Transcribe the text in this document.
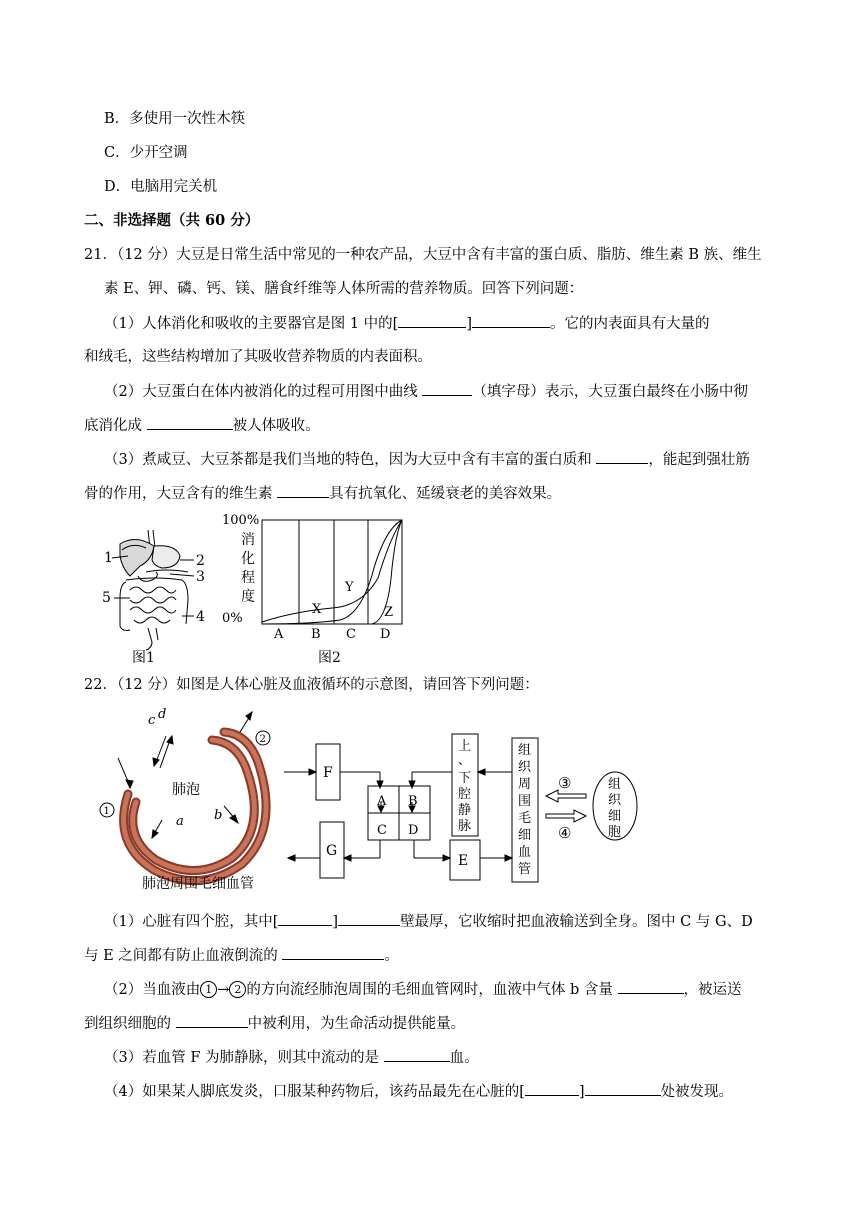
B．多使用一次性木筷
C．少开空调
D．电脑用完关机
二、非选择题（共 60 分）
21．（12 分）大豆是日常生活中常见的一种农产品，大豆中含有丰富的蛋白质、脂肪、维生素 B 族、维生
素 E、钾、磷、钙、镁、膳食纤维等人体所需的营养物质。回答下列问题：
（1）人体消化和吸收的主要器官是图 1 中的[	]	。它的内表面具有大量的
和绒毛，这些结构增加了其吸收营养物质的内表面积。
（2）大豆蛋白在体内被消化的过程可用图中曲线	（填字母）表示，大豆蛋白最终在小肠中彻
底消化成	被人体吸收。
（3）煮咸豆、大豆茶都是我们当地的特色，因为大豆中含有丰富的蛋白质和	，能起到强壮筋
骨的作用，大豆含有的维生素	具有抗氧化、延缓衰老的美容效果。
1	2
3
5
4
图1
100%
0%
消
化
程
度
A B C D
X
Y
Z
图2
22．（12 分）如图是人体心脏及血液循环的示意图，请回答下列问题：
c d
a b
肺泡
1
2
肺泡周围毛细血管
F
A B
C D
G
E
上
、
下
腔
静
脉
组
织
周
围
毛
细
血
管
组
织
细
胞
③
④
（1）心脏有四个腔，其中[	]	壁最厚，它收缩时把血液输送到全身。图中 C 与 G、D
与 E 之间都有防止血液倒流的	。
（2）当血液由 1 → 2 的方向流经肺泡周围的毛细血管网时，血液中气体 b 含量	，被运送
到组织细胞的	中被利用，为生命活动提供能量。
（3）若血管 F 为肺静脉，则其中流动的是	血。
（4）如果某人脚底发炎，口服某种药物后，该药品最先在心脏的[	]	处被发现。
